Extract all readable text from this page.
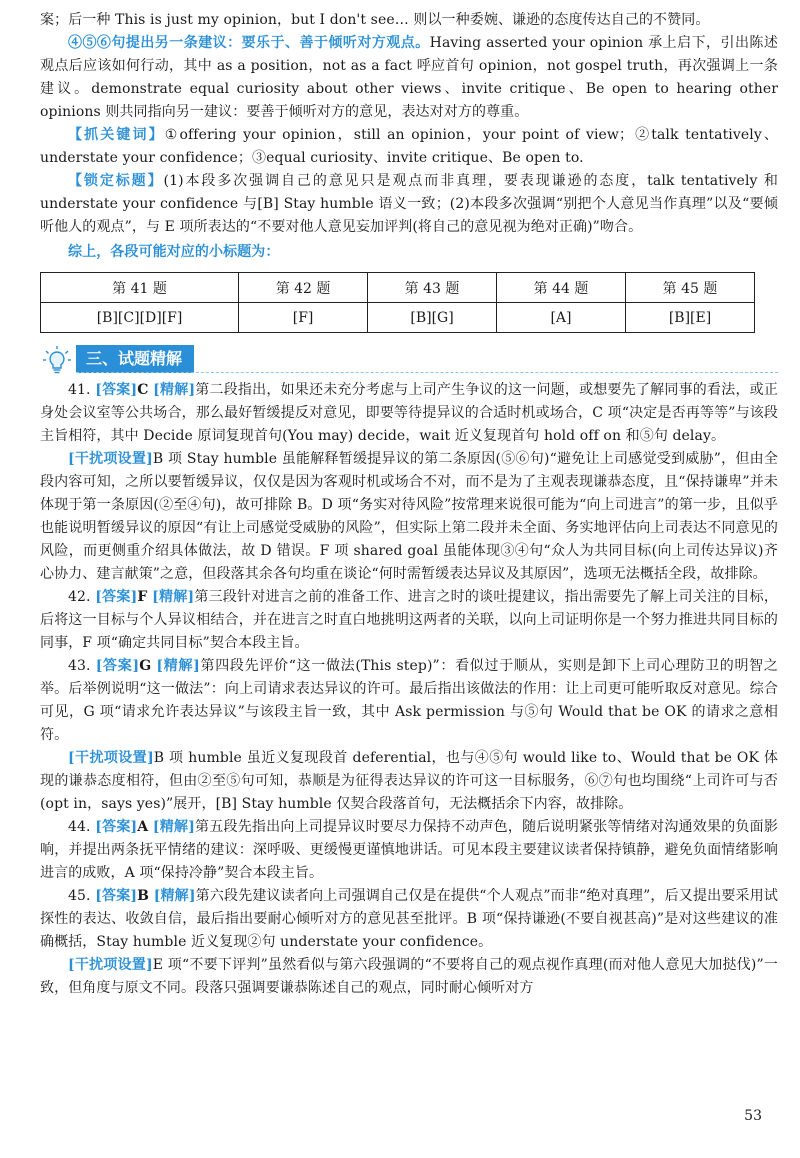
案；后一种 This is just my opinion，but I don't see… 则以一种委婉、谦逊的态度传达自己的不赞同。

④⑤⑥句提出另一条建议：要乐于、善于倾听对方观点。Having asserted your opinion 承上启下，引出陈述观点后应该如何行动，其中 as a position，not as a fact 呼应首句 opinion，not gospel truth，再次强调上一条建议。demonstrate equal curiosity about other views、invite critique、Be open to hearing other opinions 则共同指向另一建议：要善于倾听对方的意见，表达对对方的尊重。

【抓关键词】①offering your opinion，still an opinion，your point of view；②talk tentatively、understate your confidence；③equal curiosity、invite critique、Be open to.

【锁定标题】(1)本段多次强调自己的意见只是观点而非真理，要表现谦逊的态度，talk tentatively 和 understate your confidence 与[B] Stay humble 语义一致；(2)本段多次强调“别把个人意见当作真理”以及“要倾听他人的观点”，与 E 项所表达的“不要对他人意见妄加评判(将自己的意见视为绝对正确)”吻合。

综上，各段可能对应的小标题为：

第 41 题	第 42 题	第 43 题	第 44 题	第 45 题
[B][C][D][F]	[F]	[B][G]	[A]	[B][E]
三、试题精解

41. [答案]C [精解]第二段指出，如果还未充分考虑与上司产生争议的这一问题，或想要先了解同事的看法，或正身处会议室等公共场合，那么最好暂缓提反对意见，即要等待提异议的合适时机或场合，C 项“决定是否再等等”与该段主旨相符，其中 Decide 原词复现首句(You may) decide，wait 近义复现首句 hold off on 和⑤句 delay。

[干扰项设置]B 项 Stay humble 虽能解释暂缓提异议的第二条原因(⑤⑥句)“避免让上司感觉受到威胁”，但由全段内容可知，之所以要暂缓异议，仅仅是因为客观时机或场合不对，而不是为了主观表现谦恭态度，且“保持谦卑”并未体现于第一条原因(②至④句)，故可排除 B。D 项“务实对待风险”按常理来说很可能为“向上司进言”的第一步，且似乎也能说明暂缓异议的原因“有让上司感觉受威胁的风险”，但实际上第二段并未全面、务实地评估向上司表达不同意见的风险，而更侧重介绍具体做法，故 D 错误。F 项 shared goal 虽能体现③④句“众人为共同目标(向上司传达异议)齐心协力、建言献策”之意，但段落其余各句均重在谈论“何时需暂缓表达异议及其原因”，选项无法概括全段，故排除。

42. [答案]F [精解]第三段针对进言之前的准备工作、进言之时的谈吐提建议，指出需要先了解上司关注的目标，后将这一目标与个人异议相结合，并在进言之时直白地挑明这两者的关联，以向上司证明你是一个努力推进共同目标的同事，F 项“确定共同目标”契合本段主旨。

43. [答案]G [精解]第四段先评价“这一做法(This step)”：看似过于顺从，实则是卸下上司心理防卫的明智之举。后举例说明“这一做法”：向上司请求表达异议的许可。最后指出该做法的作用：让上司更可能听取反对意见。综合可见，G 项“请求允许表达异议”与该段主旨一致，其中 Ask permission 与⑤句 Would that be OK 的请求之意相符。

[干扰项设置]B 项 humble 虽近义复现段首 deferential，也与④⑤句 would like to、Would that be OK 体现的谦恭态度相符，但由②至⑤句可知，恭顺是为征得表达异议的许可这一目标服务，⑥⑦句也均围绕“上司许可与否(opt in，says yes)”展开，[B] Stay humble 仅契合段落首句，无法概括余下内容，故排除。

44. [答案]A [精解]第五段先指出向上司提异议时要尽力保持不动声色，随后说明紧张等情绪对沟通效果的负面影响，并提出两条抚平情绪的建议：深呼吸、更缓慢更谨慎地讲话。可见本段主要建议读者保持镇静，避免负面情绪影响进言的成败，A 项“保持冷静”契合本段主旨。

45. [答案]B [精解]第六段先建议读者向上司强调自己仅是在提供“个人观点”而非“绝对真理”，后又提出要采用试探性的表达、收敛自信，最后指出要耐心倾听对方的意见甚至批评。B 项“保持谦逊(不要自视甚高)”是对这些建议的准确概括，Stay humble 近义复现②句 understate your confidence。

[干扰项设置]E 项“不要下评判”虽然看似与第六段强调的“不要将自己的观点视作真理(而对他人意见大加挞伐)”一致，但角度与原文不同。段落只强调要谦恭陈述自己的观点，同时耐心倾听对方

53
